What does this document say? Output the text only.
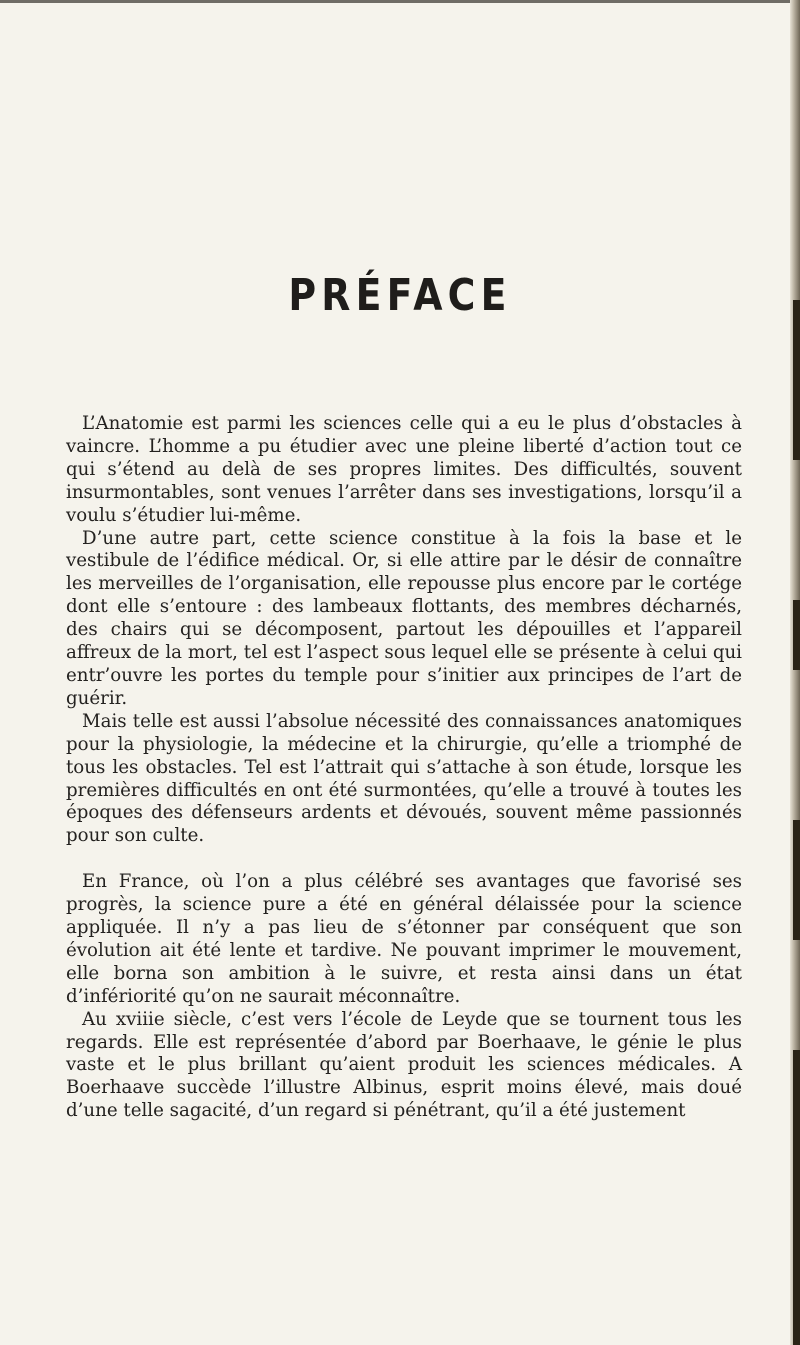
PRÉFACE

L’Anatomie est parmi les sciences celle qui a eu le plus d’obstacles à vaincre. L’homme a pu étudier avec une pleine liberté d’action tout ce qui s’étend au delà de ses propres limites. Des difficultés, souvent insurmontables, sont venues l’arrêter dans ses investigations, lorsqu’il a voulu s’étudier lui-même.

D’une autre part, cette science constitue à la fois la base et le vestibule de l’édifice médical. Or, si elle attire par le désir de connaître les merveilles de l’organisation, elle repousse plus encore par le cortége dont elle s’entoure : des lambeaux flottants, des membres décharnés, des chairs qui se décomposent, partout les dépouilles et l’appareil affreux de la mort, tel est l’aspect sous lequel elle se présente à celui qui entr’ouvre les portes du temple pour s’initier aux principes de l’art de guérir.

Mais telle est aussi l’absolue nécessité des connaissances anatomiques pour la physiologie, la médecine et la chirurgie, qu’elle a triomphé de tous les obstacles. Tel est l’attrait qui s’attache à son étude, lorsque les premières difficultés en ont été surmontées, qu’elle a trouvé à toutes les époques des défenseurs ardents et dévoués, souvent même passionnés pour son culte.

En France, où l’on a plus célébré ses avantages que favorisé ses progrès, la science pure a été en général délaissée pour la science appliquée. Il n’y a pas lieu de s’étonner par conséquent que son évolution ait été lente et tardive. Ne pouvant imprimer le mouvement, elle borna son ambition à le suivre, et resta ainsi dans un état d’infériorité qu’on ne saurait méconnaître.

Au xviiie siècle, c’est vers l’école de Leyde que se tournent tous les regards. Elle est représentée d’abord par Boerhaave, le génie le plus vaste et le plus brillant qu’aient produit les sciences médicales. A Boerhaave succède l’illustre Albinus, esprit moins élevé, mais doué d’une telle sagacité, d’un regard si pénétrant, qu’il a été justement
